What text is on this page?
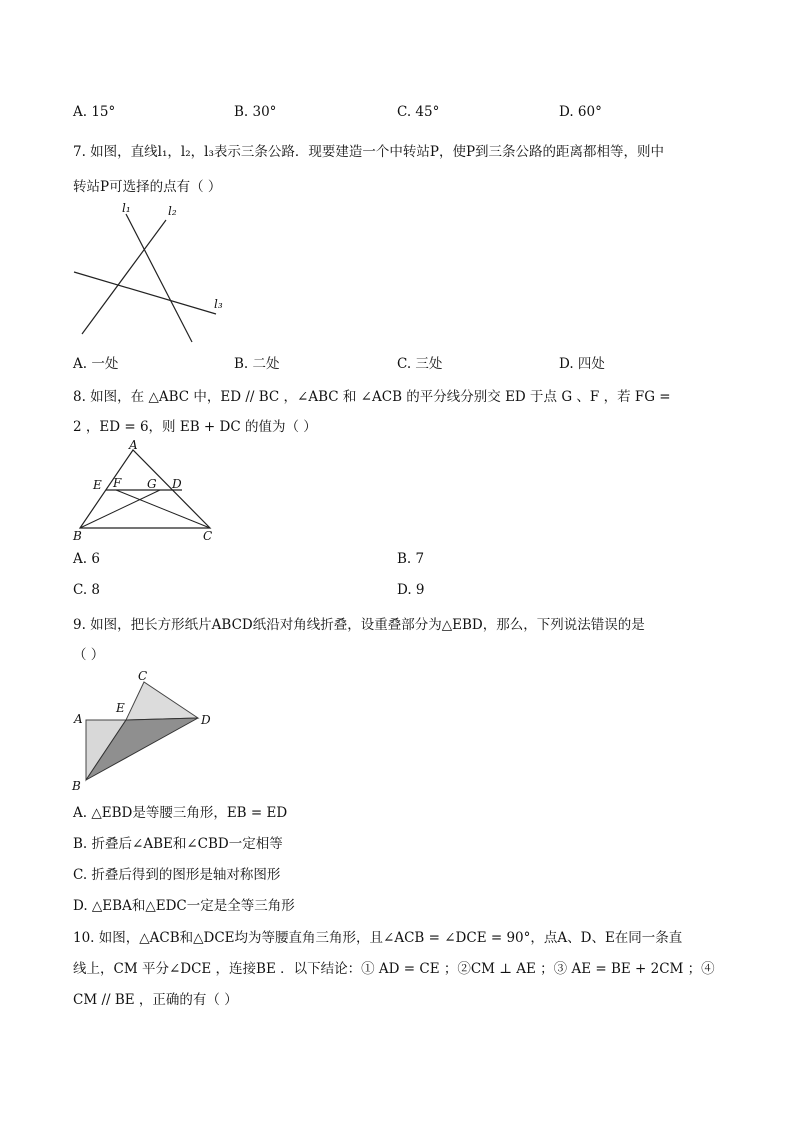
A. 15°	B. 30°	C. 45°	D. 60°
7. 如图，直线l₁，l₂，l₃表示三条公路．现要建造一个中转站P，使P到三条公路的距离都相等，则中
转站P可选择的点有（ ）
l₁	l₂
l₃
A. 一处	B. 二处	C. 三处	D. 四处
8. 如图，在 △ABC 中，ED // BC ，∠ABC 和 ∠ACB 的平分线分别交 ED 于点 G 、F ，若 FG =
2 ，ED = 6，则 EB + DC 的值为（ ）
A
E F G D
B	C
A. 6	B. 7
C. 8	D. 9
9. 如图，把长方形纸片ABCD纸沿对角线折叠，设重叠部分为△EBD，那么，下列说法错误的是
（ ）
C
A
E
D
B
A. △EBD是等腰三角形，EB = ED
B. 折叠后∠ABE和∠CBD一定相等
C. 折叠后得到的图形是轴对称图形
D. △EBA和△EDC一定是全等三角形
10. 如图，△ACB和△DCE均为等腰直角三角形，且∠ACB = ∠DCE = 90°，点A、D、E在同一条直
线上，CM 平分∠DCE ，连接BE ．以下结论：① AD = CE ；②CM ⊥ AE ；③ AE = BE + 2CM ；④
CM // BE ，正确的有（ ）
